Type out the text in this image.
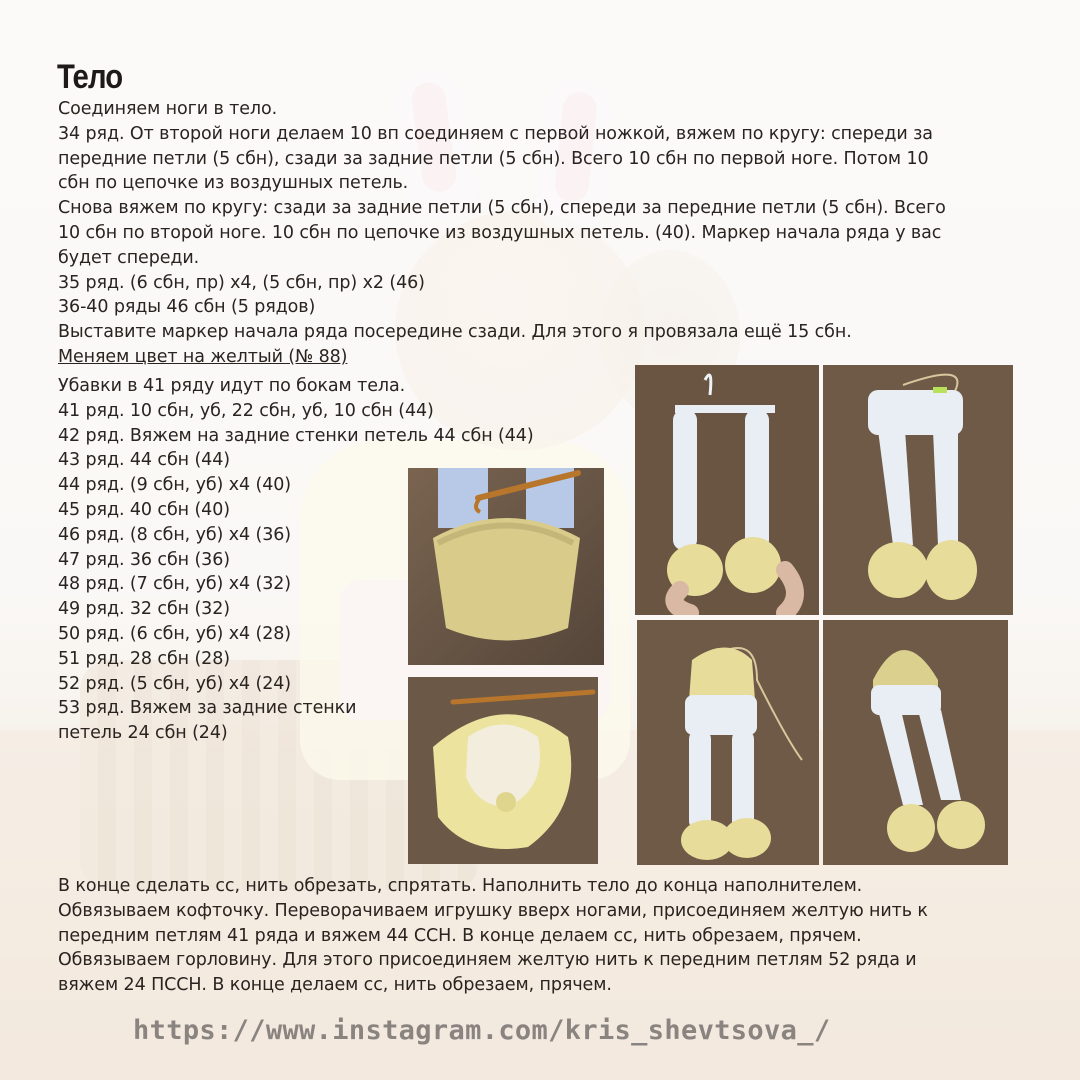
Тело
Соединяем ноги в тело.
34 ряд. От второй ноги делаем 10 вп соединяем с первой ножкой, вяжем по кругу: спереди за
передние петли (5 сбн), сзади за задние петли (5 сбн). Всего 10 сбн по первой ноге. Потом 10
сбн по цепочке из воздушных петель.
Снова вяжем по кругу: сзади за задние петли (5 сбн), спереди за передние петли (5 сбн). Всего
10 сбн по второй ноге. 10 сбн по цепочке из воздушных петель. (40). Маркер начала ряда у вас
будет спереди.
35 ряд. (6 сбн, пр) х4, (5 сбн, пр) х2 (46)
36-40 ряды 46 сбн (5 рядов)
Выставите маркер начала ряда посередине сзади. Для этого я провязала ещё 15 сбн.
Меняем цвет на желтый (№ 88)
Убавки в 41 ряду идут по бокам тела.
41 ряд. 10 сбн, уб, 22 сбн, уб, 10 сбн (44)
42 ряд. Вяжем на задние стенки петель 44 сбн (44)
43 ряд. 44 сбн (44)
44 ряд. (9 сбн, уб) х4 (40)
45 ряд. 40 сбн (40)
46 ряд. (8 сбн, уб) х4 (36)
47 ряд. 36 сбн (36)
48 ряд. (7 сбн, уб) х4 (32)
49 ряд. 32 сбн (32)
50 ряд. (6 сбн, уб) х4 (28)
51 ряд. 28 сбн (28)
52 ряд. (5 сбн, уб) х4 (24)
53 ряд. Вяжем за задние стенки
петель 24 сбн (24)
В конце сделать сс, нить обрезать, спрятать. Наполнить тело до конца наполнителем.
Обвязываем кофточку. Переворачиваем игрушку вверх ногами, присоединяем желтую нить к
передним петлям 41 ряда и вяжем 44 ССН. В конце делаем сс, нить обрезаем, прячем.
Обвязываем горловину. Для этого присоединяем желтую нить к передним петлям 52 ряда и
вяжем 24 ПССН. В конце делаем сс, нить обрезаем, прячем.
https://www.instagram.com/kris_shevtsova_/
